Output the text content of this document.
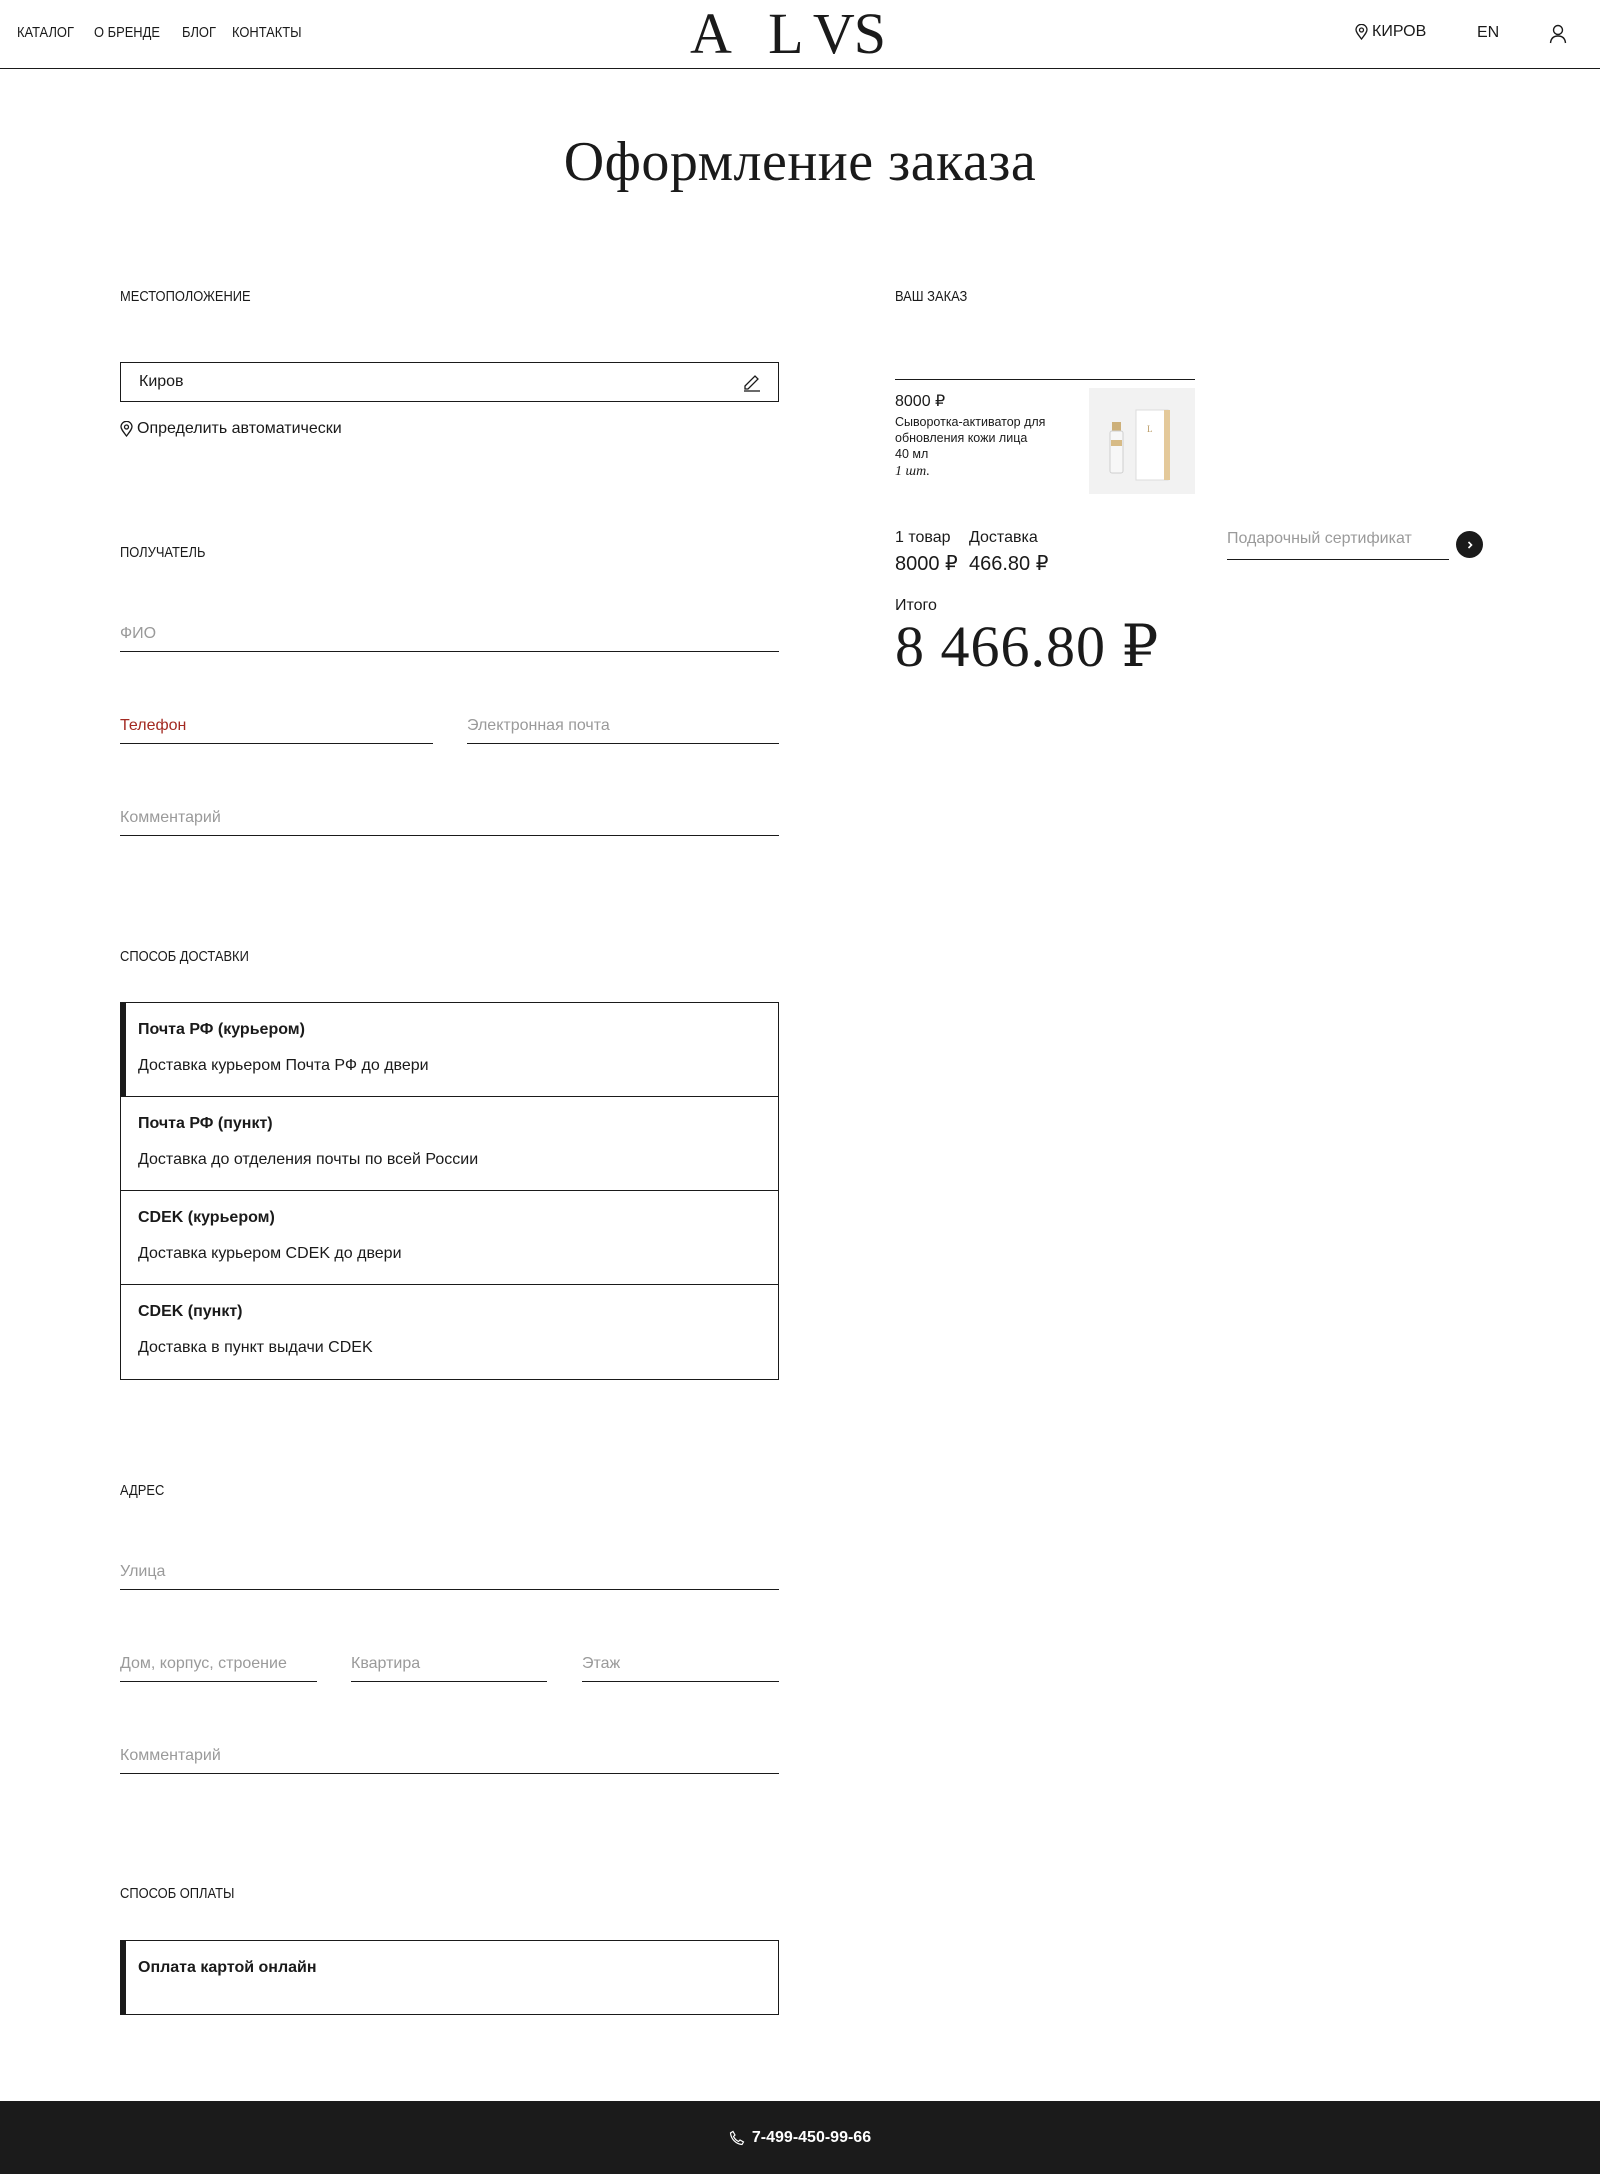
КАТАЛОГ О БРЕНДЕ БЛОГ КОНТАКТЫ	A   L VS	КИРОВ	EN
Оформление заказа
МЕСТОПОЛОЖЕНИЕ
Киров
Определить автоматически
ПОЛУЧАТЕЛЬ
ФИО
Телефон
Электронная почта
Комментарий
СПОСОБ ДОСТАВКИ
Почта РФ (курьером)
Доставка курьером Почта РФ до двери
Почта РФ (пункт)
Доставка до отделения почты по всей России
CDEK (курьером)
Доставка курьером CDEK до двери
CDEK (пункт)
Доставка в пункт выдачи CDEK
АДРЕС
Улица
Дом, корпус, строение
Квартира
Этаж
Комментарий
СПОСОБ ОПЛАТЫ
Оплата картой онлайн
ВАШ ЗАКАЗ
8000 ₽
Сыворотка-активатор для обновления кожи лица
40 мл
1 шт.
L
1 товар
8000 ₽
Доставка
466.80 ₽
Подарочный сертификат
Итого
8 466.80 ₽
7-499-450-99-66
